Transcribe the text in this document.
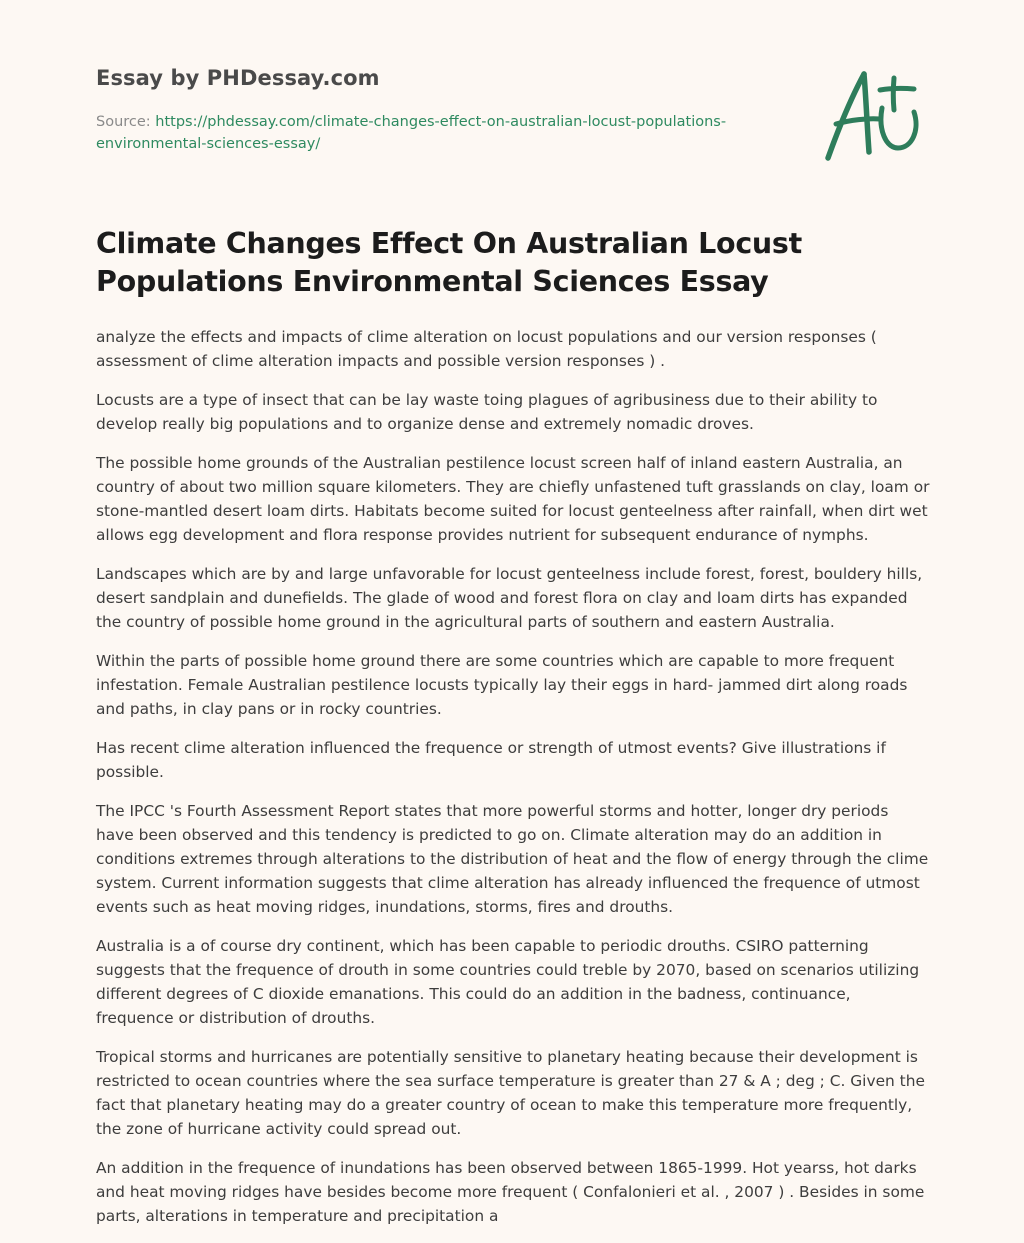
Essay by PHDessay.com
Source: https://phdessay.com/climate-changes-effect-on-australian-locust-populations-environmental-sciences-essay/
Climate Changes Effect On Australian Locust Populations Environmental Sciences Essay

analyze the effects and impacts of clime alteration on locust populations and our version responses ( assessment of clime alteration impacts and possible version responses ) .

Locusts are a type of insect that can be lay waste toing plagues of agribusiness due to their ability to develop really big populations and to organize dense and extremely nomadic droves.

The possible home grounds of the Australian pestilence locust screen half of inland eastern Australia, an country of about two million square kilometers. They are chiefly unfastened tuft grasslands on clay, loam or stone-mantled desert loam dirts. Habitats become suited for locust genteelness after rainfall, when dirt wet allows egg development and flora response provides nutrient for subsequent endurance of nymphs.

Landscapes which are by and large unfavorable for locust genteelness include forest, forest, bouldery hills, desert sandplain and dunefields. The glade of wood and forest flora on clay and loam dirts has expanded the country of possible home ground in the agricultural parts of southern and eastern Australia.

Within the parts of possible home ground there are some countries which are capable to more frequent infestation. Female Australian pestilence locusts typically lay their eggs in hard- jammed dirt along roads and paths, in clay pans or in rocky countries.

Has recent clime alteration influenced the frequence or strength of utmost events? Give illustrations if possible.

The IPCC 's Fourth Assessment Report states that more powerful storms and hotter, longer dry periods have been observed and this tendency is predicted to go on. Climate alteration may do an addition in conditions extremes through alterations to the distribution of heat and the flow of energy through the clime system. Current information suggests that clime alteration has already influenced the frequence of utmost events such as heat moving ridges, inundations, storms, fires and drouths.

Australia is a of course dry continent, which has been capable to periodic drouths. CSIRO patterning suggests that the frequence of drouth in some countries could treble by 2070, based on scenarios utilizing different degrees of C dioxide emanations. This could do an addition in the badness, continuance, frequence or distribution of drouths.

Tropical storms and hurricanes are potentially sensitive to planetary heating because their development is restricted to ocean countries where the sea surface temperature is greater than 27 & A ; deg ; C. Given the fact that planetary heating may do a greater country of ocean to make this temperature more frequently, the zone of hurricane activity could spread out.

An addition in the frequence of inundations has been observed between 1865-1999. Hot yearss, hot darks and heat moving ridges have besides become more frequent ( Confalonieri et al. , 2007 ) . Besides in some parts, alterations in temperature and precipitation a
